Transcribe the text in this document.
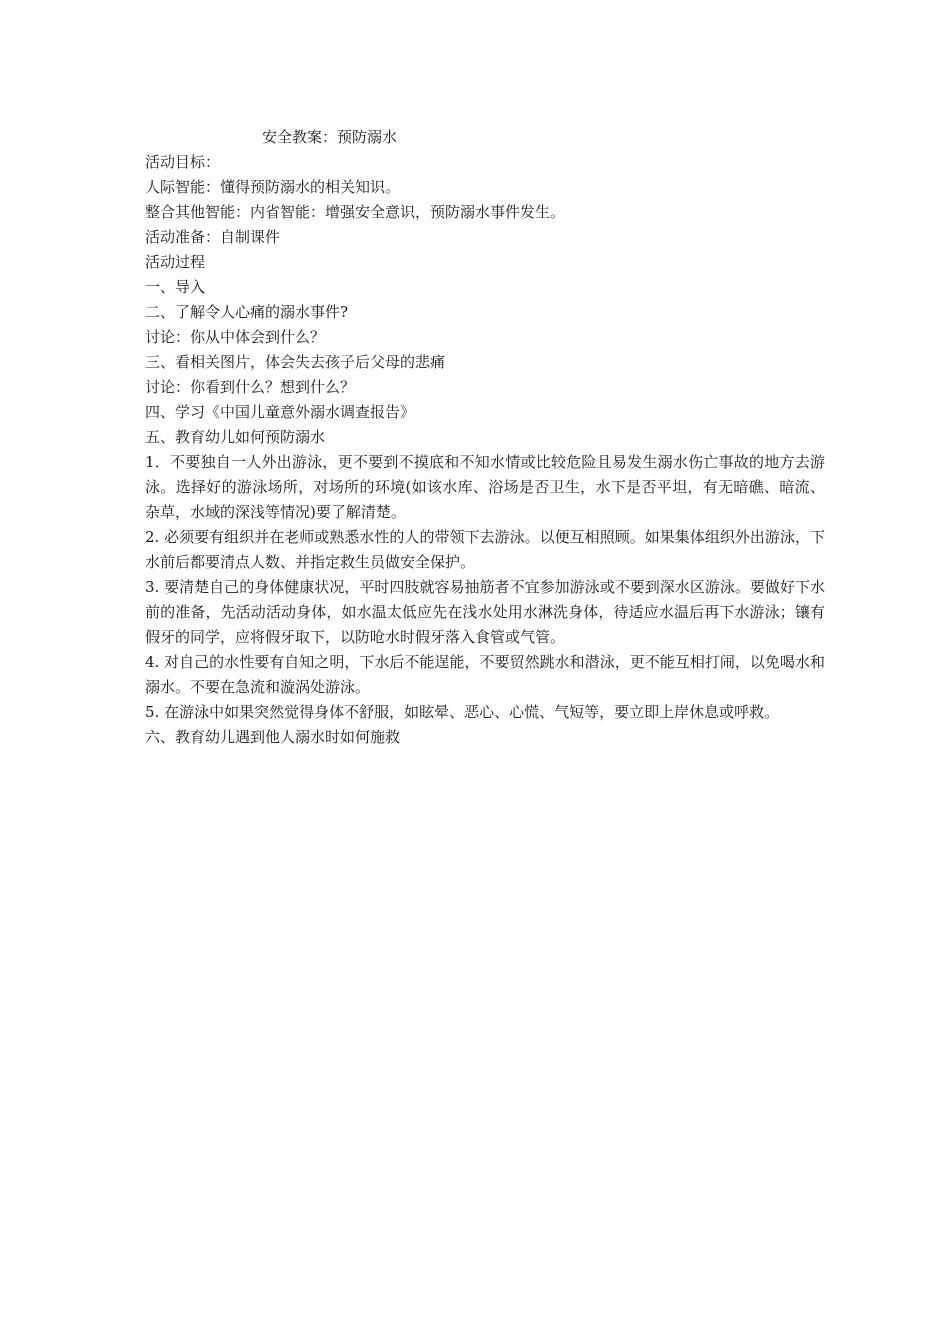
安全教案：预防溺水

活动目标：

人际智能：懂得预防溺水的相关知识。

整合其他智能：内省智能：增强安全意识，预防溺水事件发生。

活动准备：自制课件

活动过程

一、导入

二、了解令人心痛的溺水事件?

讨论：你从中体会到什么？

三、看相关图片，体会失去孩子后父母的悲痛

讨论：你看到什么？想到什么？

四、学习《中国儿童意外溺水调查报告》

五、教育幼儿如何预防溺水

1．不要独自一人外出游泳，更不要到不摸底和不知水情或比较危险且易发生溺水伤亡事故的地方去游泳。选择好的游泳场所，对场所的环境(如该水库、浴场是否卫生，水下是否平坦，有无暗礁、暗流、杂草，水域的深浅等情况)要了解清楚。

2. 必须要有组织并在老师或熟悉水性的人的带领下去游泳。以便互相照顾。如果集体组织外出游泳，下水前后都要清点人数、并指定救生员做安全保护。

3. 要清楚自己的身体健康状况，平时四肢就容易抽筋者不宜参加游泳或不要到深水区游泳。要做好下水前的准备，先活动活动身体，如水温太低应先在浅水处用水淋洗身体，待适应水温后再下水游泳；镶有假牙的同学，应将假牙取下，以防呛水时假牙落入食管或气管。

4. 对自己的水性要有自知之明，下水后不能逞能，不要贸然跳水和潜泳，更不能互相打闹，以免喝水和溺水。不要在急流和漩涡处游泳。

5. 在游泳中如果突然觉得身体不舒服，如眩晕、恶心、心慌、气短等，要立即上岸休息或呼救。

六、教育幼儿遇到他人溺水时如何施救
